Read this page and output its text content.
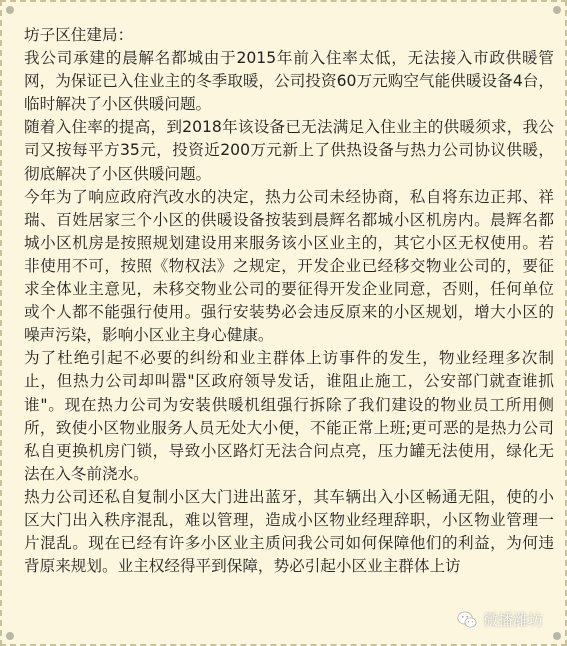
坊子区住建局：

我公司承建的晨解名都城由于2015年前入住率太低，无法接入市政供暖管网，为保证已入住业主的冬季取暖，公司投资60万元购空气能供暖设备4台，临时解决了小区供暖问题。

随着入住率的提高，到2018年该设备已无法满足入住业主的供暖须求，我公司又按每平方35元，投资近200万元新上了供热设备与热力公司协议供暖，彻底解决了小区供暖问题。

今年为了响应政府汽改水的决定，热力公司未经协商，私自将东边正邦、祥瑞、百姓居家三个小区的供暖设备按装到晨辉名都城小区机房内。晨辉名都城小区机房是按照规划建设用来服务该小区业主的，其它小区无权使用。若非使用不可，按照《物权法》之规定，开发企业已经移交物业公司的，要征求全体业主意见，未移交物业公司的要征得开发企业同意，否则，任何单位或个人都不能强行使用。强行安装势必会违反原来的小区规划，增大小区的噪声污染，影响小区业主身心健康。

为了杜绝引起不必要的纠纷和业主群体上访事件的发生，物业经理多次制止，但热力公司却叫嚣"区政府领导发话，谁阻止施工，公安部门就查谁抓谁"。现在热力公司为安装供暖机组强行拆除了我们建设的物业员工所用侧所，致使小区物业服务人员无处大小便，不能正常上班;更可恶的是热力公司私自更换机房门锁，导致小区路灯无法合问点亮，压力罐无法使用，绿化无法在入冬前浇水。

热力公司还私自复制小区大门进出蓝牙，其车辆出入小区畅通无阻，使的小区大门出入秩序混乱，难以管理，造成小区物业经理辞职，小区物业管理一片混乱。现在已经有许多小区业主质问我公司如何保障他们的利益，为何违背原来规划。业主权经得平到保障，势必引起小区业主群体上访

微播潍坊
